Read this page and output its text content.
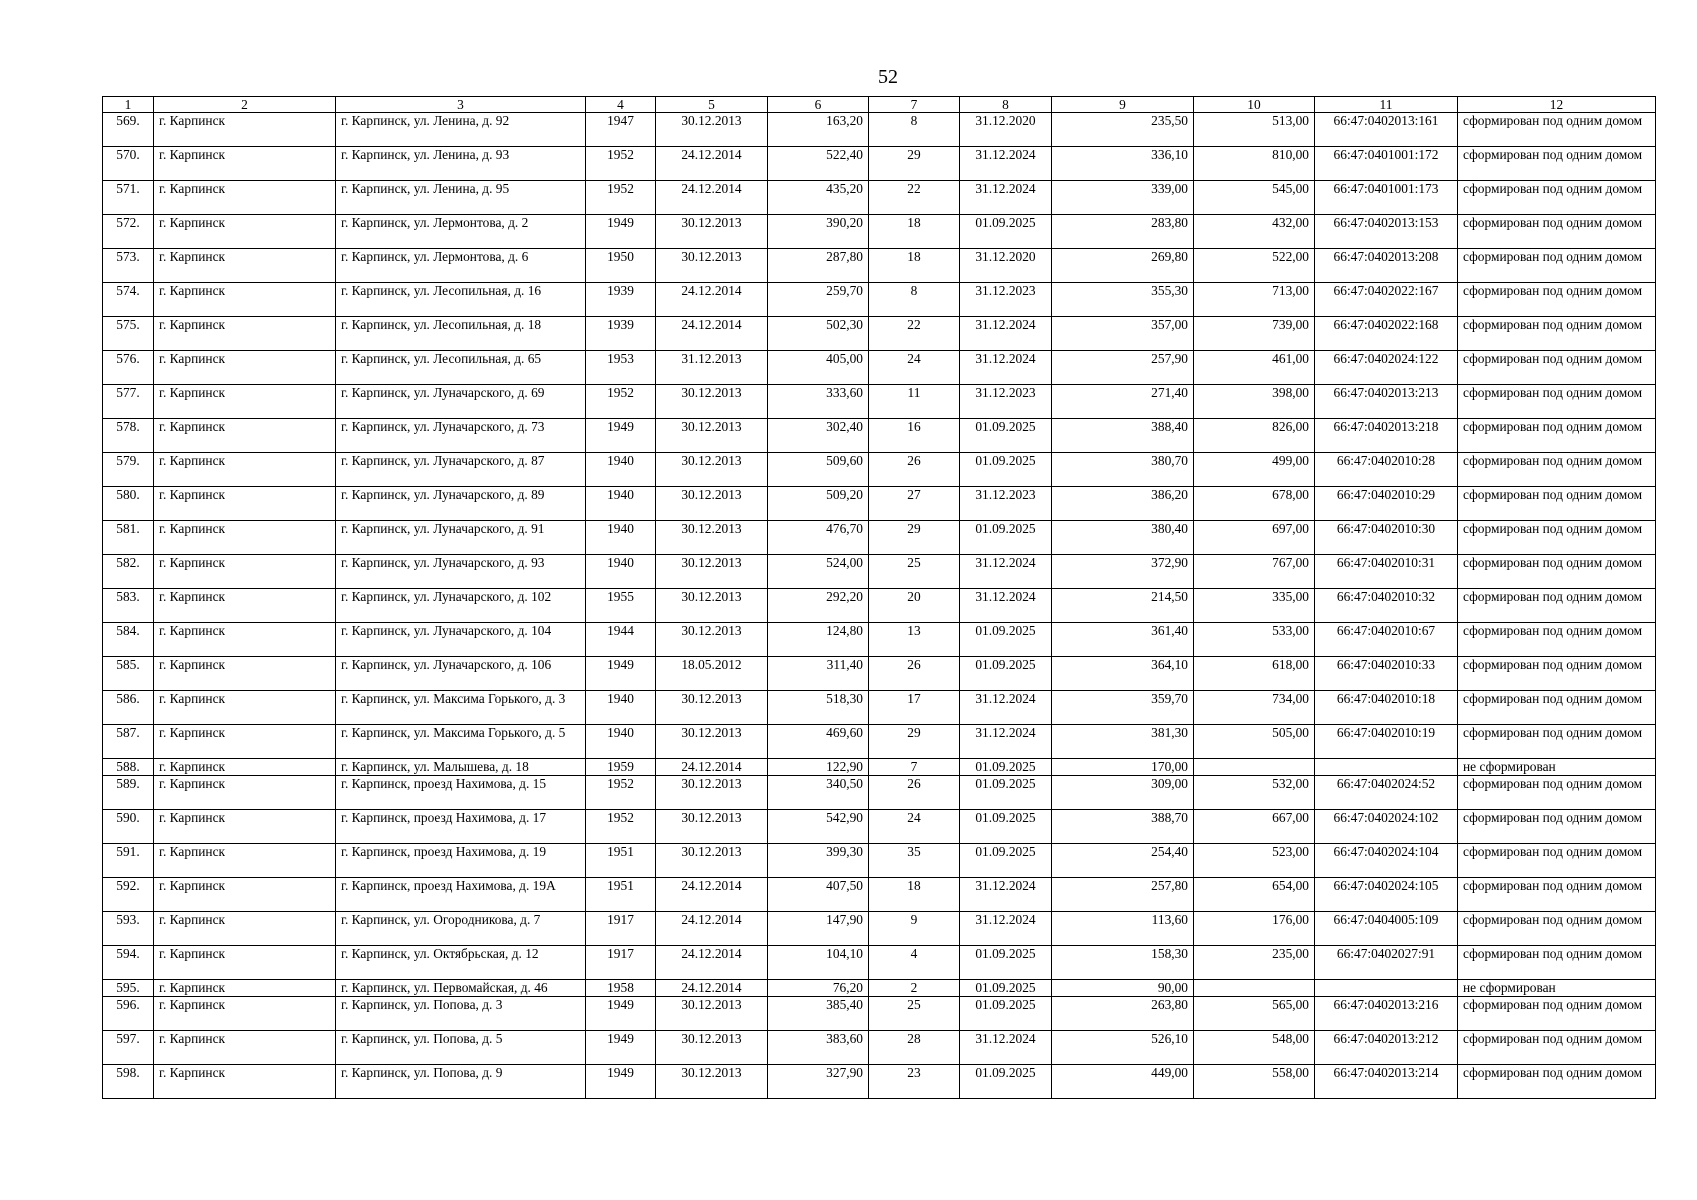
52
1	2	3	4	5	6	7	8	9	10	11	12
569.	г. Карпинск	г. Карпинск, ул. Ленина, д. 92	1947	30.12.2013	163,20	8	31.12.2020	235,50	513,00	66:47:0402013:161	сформирован под одним домом
570.	г. Карпинск	г. Карпинск, ул. Ленина, д. 93	1952	24.12.2014	522,40	29	31.12.2024	336,10	810,00	66:47:0401001:172	сформирован под одним домом
571.	г. Карпинск	г. Карпинск, ул. Ленина, д. 95	1952	24.12.2014	435,20	22	31.12.2024	339,00	545,00	66:47:0401001:173	сформирован под одним домом
572.	г. Карпинск	г. Карпинск, ул. Лермонтова, д. 2	1949	30.12.2013	390,20	18	01.09.2025	283,80	432,00	66:47:0402013:153	сформирован под одним домом
573.	г. Карпинск	г. Карпинск, ул. Лермонтова, д. 6	1950	30.12.2013	287,80	18	31.12.2020	269,80	522,00	66:47:0402013:208	сформирован под одним домом
574.	г. Карпинск	г. Карпинск, ул. Лесопильная, д. 16	1939	24.12.2014	259,70	8	31.12.2023	355,30	713,00	66:47:0402022:167	сформирован под одним домом
575.	г. Карпинск	г. Карпинск, ул. Лесопильная, д. 18	1939	24.12.2014	502,30	22	31.12.2024	357,00	739,00	66:47:0402022:168	сформирован под одним домом
576.	г. Карпинск	г. Карпинск, ул. Лесопильная, д. 65	1953	31.12.2013	405,00	24	31.12.2024	257,90	461,00	66:47:0402024:122	сформирован под одним домом
577.	г. Карпинск	г. Карпинск, ул. Луначарского, д. 69	1952	30.12.2013	333,60	11	31.12.2023	271,40	398,00	66:47:0402013:213	сформирован под одним домом
578.	г. Карпинск	г. Карпинск, ул. Луначарского, д. 73	1949	30.12.2013	302,40	16	01.09.2025	388,40	826,00	66:47:0402013:218	сформирован под одним домом
579.	г. Карпинск	г. Карпинск, ул. Луначарского, д. 87	1940	30.12.2013	509,60	26	01.09.2025	380,70	499,00	66:47:0402010:28	сформирован под одним домом
580.	г. Карпинск	г. Карпинск, ул. Луначарского, д. 89	1940	30.12.2013	509,20	27	31.12.2023	386,20	678,00	66:47:0402010:29	сформирован под одним домом
581.	г. Карпинск	г. Карпинск, ул. Луначарского, д. 91	1940	30.12.2013	476,70	29	01.09.2025	380,40	697,00	66:47:0402010:30	сформирован под одним домом
582.	г. Карпинск	г. Карпинск, ул. Луначарского, д. 93	1940	30.12.2013	524,00	25	31.12.2024	372,90	767,00	66:47:0402010:31	сформирован под одним домом
583.	г. Карпинск	г. Карпинск, ул. Луначарского, д. 102	1955	30.12.2013	292,20	20	31.12.2024	214,50	335,00	66:47:0402010:32	сформирован под одним домом
584.	г. Карпинск	г. Карпинск, ул. Луначарского, д. 104	1944	30.12.2013	124,80	13	01.09.2025	361,40	533,00	66:47:0402010:67	сформирован под одним домом
585.	г. Карпинск	г. Карпинск, ул. Луначарского, д. 106	1949	18.05.2012	311,40	26	01.09.2025	364,10	618,00	66:47:0402010:33	сформирован под одним домом
586.	г. Карпинск	г. Карпинск, ул. Максима Горького, д. 3	1940	30.12.2013	518,30	17	31.12.2024	359,70	734,00	66:47:0402010:18	сформирован под одним домом
587.	г. Карпинск	г. Карпинск, ул. Максима Горького, д. 5	1940	30.12.2013	469,60	29	31.12.2024	381,30	505,00	66:47:0402010:19	сформирован под одним домом
588.	г. Карпинск	г. Карпинск, ул. Малышева, д. 18	1959	24.12.2014	122,90	7	01.09.2025	170,00			не сформирован
589.	г. Карпинск	г. Карпинск, проезд Нахимова, д. 15	1952	30.12.2013	340,50	26	01.09.2025	309,00	532,00	66:47:0402024:52	сформирован под одним домом
590.	г. Карпинск	г. Карпинск, проезд Нахимова, д. 17	1952	30.12.2013	542,90	24	01.09.2025	388,70	667,00	66:47:0402024:102	сформирован под одним домом
591.	г. Карпинск	г. Карпинск, проезд Нахимова, д. 19	1951	30.12.2013	399,30	35	01.09.2025	254,40	523,00	66:47:0402024:104	сформирован под одним домом
592.	г. Карпинск	г. Карпинск, проезд Нахимова, д. 19А	1951	24.12.2014	407,50	18	31.12.2024	257,80	654,00	66:47:0402024:105	сформирован под одним домом
593.	г. Карпинск	г. Карпинск, ул. Огородникова, д. 7	1917	24.12.2014	147,90	9	31.12.2024	113,60	176,00	66:47:0404005:109	сформирован под одним домом
594.	г. Карпинск	г. Карпинск, ул. Октябрьская, д. 12	1917	24.12.2014	104,10	4	01.09.2025	158,30	235,00	66:47:0402027:91	сформирован под одним домом
595.	г. Карпинск	г. Карпинск, ул. Первомайская, д. 46	1958	24.12.2014	76,20	2	01.09.2025	90,00			не сформирован
596.	г. Карпинск	г. Карпинск, ул. Попова, д. 3	1949	30.12.2013	385,40	25	01.09.2025	263,80	565,00	66:47:0402013:216	сформирован под одним домом
597.	г. Карпинск	г. Карпинск, ул. Попова, д. 5	1949	30.12.2013	383,60	28	31.12.2024	526,10	548,00	66:47:0402013:212	сформирован под одним домом
598.	г. Карпинск	г. Карпинск, ул. Попова, д. 9	1949	30.12.2013	327,90	23	01.09.2025	449,00	558,00	66:47:0402013:214	сформирован под одним домом
